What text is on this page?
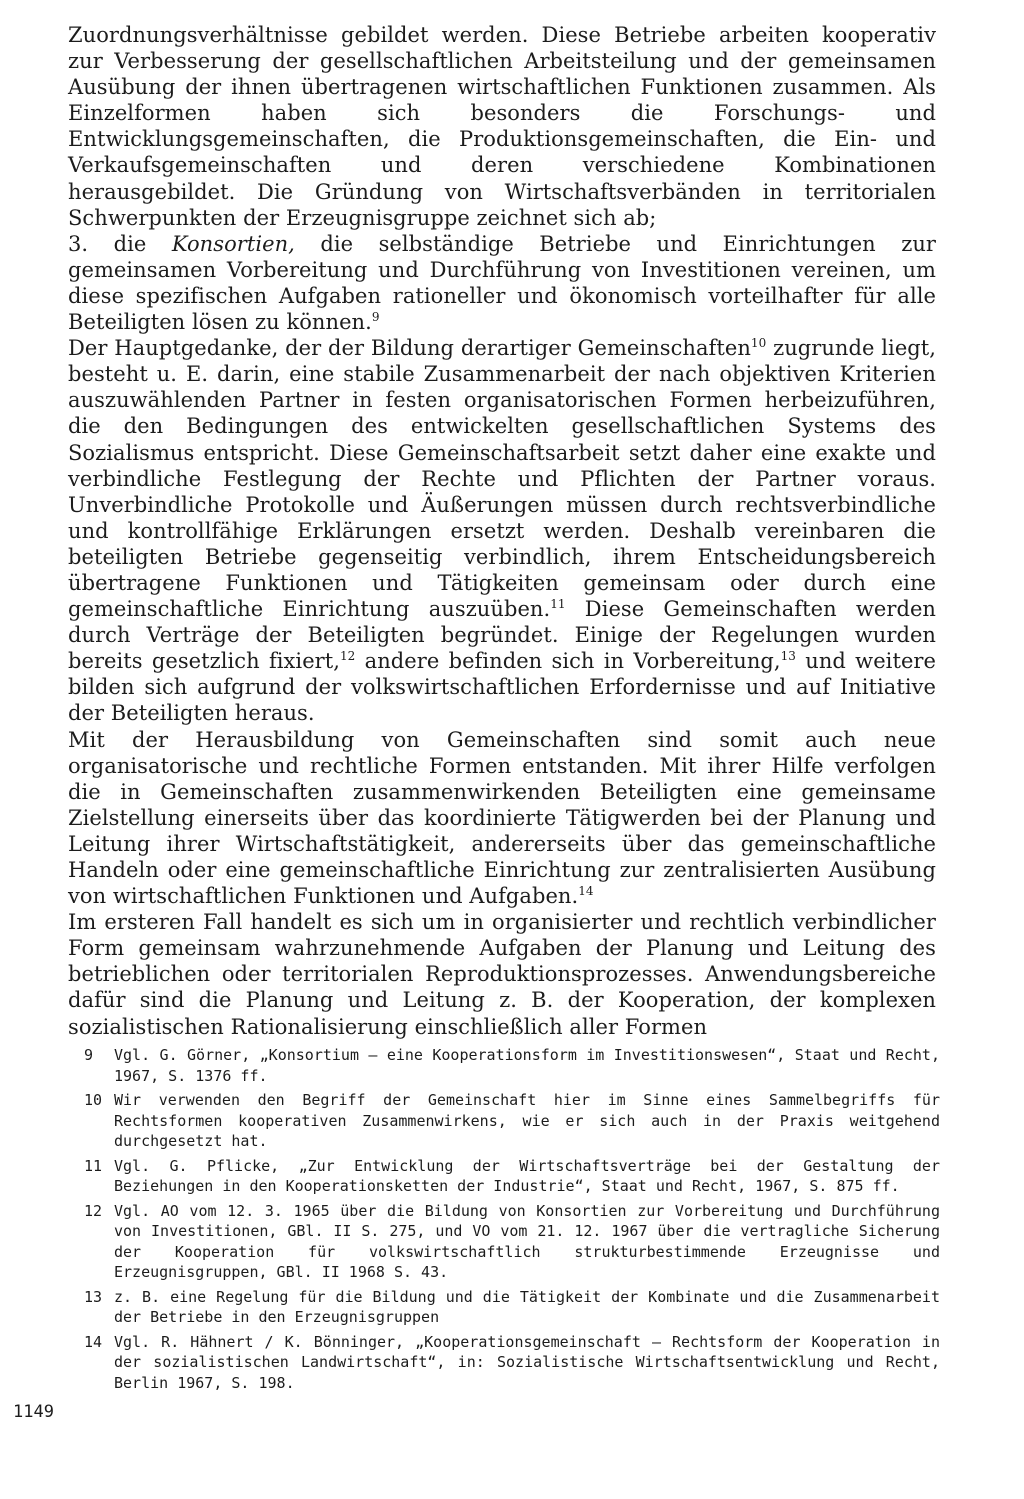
Zuordnungsverhältnisse gebildet werden. Diese Betriebe arbeiten kooperativ zur Verbesserung der gesellschaftlichen Arbeitsteilung und der gemeinsamen Ausübung der ihnen übertragenen wirtschaftlichen Funktionen zusammen. Als Einzelformen haben sich besonders die Forschungs- und Entwicklungsgemeinschaften, die Produktionsgemeinschaften, die Ein- und Verkaufsgemeinschaften und deren verschiedene Kombinationen herausgebildet. Die Gründung von Wirtschaftsverbänden in territorialen Schwerpunkten der Erzeugnisgruppe zeichnet sich ab;

3. die Konsortien, die selbständige Betriebe und Einrichtungen zur gemeinsamen Vorbereitung und Durchführung von Investitionen vereinen, um diese spezifischen Aufgaben rationeller und ökonomisch vorteilhafter für alle Beteiligten lösen zu können.$^9$

Der Hauptgedanke, der der Bildung derartiger Gemeinschaften$^{10}$ zugrunde liegt, besteht u. E. darin, eine stabile Zusammenarbeit der nach objektiven Kriterien auszuwählenden Partner in festen organisatorischen Formen herbeizuführen, die den Bedingungen des entwickelten gesellschaftlichen Systems des Sozialismus entspricht. Diese Gemeinschaftsarbeit setzt daher eine exakte und verbindliche Festlegung der Rechte und Pflichten der Partner voraus. Unverbindliche Protokolle und Äußerungen müssen durch rechtsverbindliche und kontrollfähige Erklärungen ersetzt werden. Deshalb vereinbaren die beteiligten Betriebe gegenseitig verbindlich, ihrem Entscheidungsbereich übertragene Funktionen und Tätigkeiten gemeinsam oder durch eine gemeinschaftliche Einrichtung auszuüben.$^{11}$ Diese Gemeinschaften werden durch Verträge der Beteiligten begründet. Einige der Regelungen wurden bereits gesetzlich fixiert,$^{12}$ andere befinden sich in Vorbereitung,$^{13}$ und weitere bilden sich aufgrund der volkswirtschaftlichen Erfordernisse und auf Initiative der Beteiligten heraus.

Mit der Herausbildung von Gemeinschaften sind somit auch neue organisatorische und rechtliche Formen entstanden. Mit ihrer Hilfe verfolgen die in Gemeinschaften zusammenwirkenden Beteiligten eine gemeinsame Zielstellung einerseits über das koordinierte Tätigwerden bei der Planung und Leitung ihrer Wirtschaftstätigkeit, andererseits über das gemeinschaftliche Handeln oder eine gemeinschaftliche Einrichtung zur zentralisierten Ausübung von wirtschaftlichen Funktionen und Aufgaben.$^{14}$

Im ersteren Fall handelt es sich um in organisierter und rechtlich verbindlicher Form gemeinsam wahrzunehmende Aufgaben der Planung und Leitung des betrieblichen oder territorialen Reproduktionsprozesses. Anwendungsbereiche dafür sind die Planung und Leitung z. B. der Kooperation, der komplexen sozialistischen Rationalisierung einschließlich aller Formen

9	Vgl. G. Görner, „Konsortium — eine Kooperationsform im Investitionswesen“, Staat und Recht, 1967, S. 1376 ff.
10 Wir verwenden den Begriff der Gemeinschaft hier im Sinne eines Sammelbegriffs für Rechtsformen kooperativen Zusammenwirkens, wie er sich auch in der Praxis weitgehend durchgesetzt hat.
11 Vgl. G. Pflicke, „Zur Entwicklung der Wirtschaftsverträge bei der Gestaltung der Beziehungen in den Kooperationsketten der Industrie“, Staat und Recht, 1967, S. 875 ff.
12 Vgl. AO vom 12. 3. 1965 über die Bildung von Konsortien zur Vorbereitung und Durchführung von Investitionen, GBl. II S. 275, und VO vom 21. 12. 1967 über die vertragliche Sicherung der Kooperation für volkswirtschaftlich strukturbestimmende Erzeugnisse und Erzeugnisgruppen, GBl. II 1968 S. 43.
13 z. B. eine Regelung für die Bildung und die Tätigkeit der Kombinate und die Zusammenarbeit der Betriebe in den Erzeugnisgruppen
14 Vgl. R. Hähnert / K. Bönninger, „Kooperationsgemeinschaft — Rechtsform der Kooperation in der sozialistischen Landwirtschaft“, in: Sozialistische Wirtschaftsentwicklung und Recht, Berlin 1967, S. 198.
1149
